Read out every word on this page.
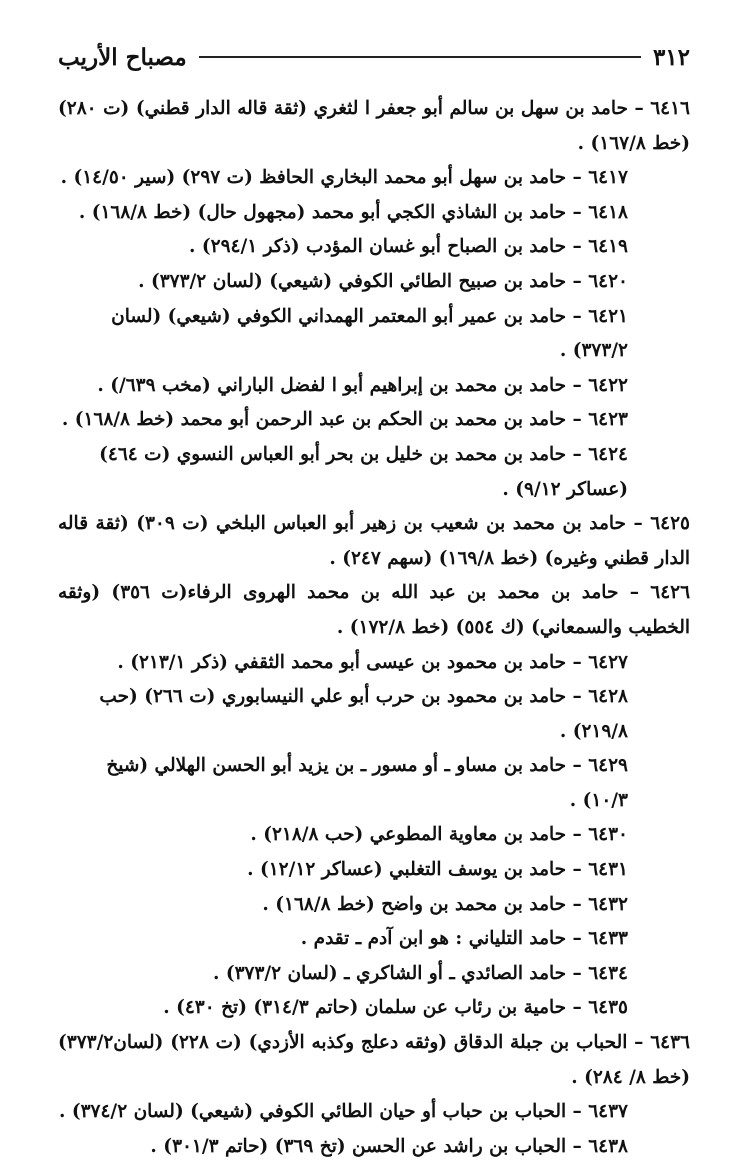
٣١٢
مصباح الأريب
٦٤١٦ – حامد بن سهل بن سالم أبو جعفر ا لثغري (ثقة قاله الدار قطني) (ت ٢٨٠) (خط ١٦٧/٨) .
٦٤١٧ – حامد بن سهل أبو محمد البخاري الحافظ (ت ٢٩٧) (سير ١٤/٥٠) .
٦٤١٨ – حامد بن الشاذي الكجي أبو محمد (مجهول حال) (خط ١٦٨/٨) .
٦٤١٩ – حامد بن الصباح أبو غسان المؤدب (ذكر ٢٩٤/١) .
٦٤٢٠ – حامد بن صبيح الطائي الكوفي (شيعي) (لسان ٣٧٣/٢) .
٦٤٢١ – حامد بن عمير أبو المعتمر الهمداني الكوفي (شيعي) (لسان ٣٧٣/٢) .
٦٤٢٢ – حامد بن محمد بن إبراهيم أبو ا لفضل الباراني (مخب ٦٣٩/) .
٦٤٢٣ – حامد بن محمد بن الحكم بن عبد الرحمن أبو محمد (خط ١٦٨/٨) .
٦٤٢٤ – حامد بن محمد بن خليل بن بحر أبو العباس النسوي (ت ٤٦٤) (عساكر ٩/١٢) .
٦٤٢٥ – حامد بن محمد بن شعيب بن زهير أبو العباس البلخي (ت ٣٠٩) (ثقة قاله الدار قطني وغيره) (خط ١٦٩/٨) (سهم ٢٤٧) .
٦٤٢٦ – حامد بن محمد بن عبد الله بن محمد الهروى الرفاء(ت ٣٥٦) (وثقه الخطيب والسمعاني) (ك ٥٥٤) (خط ١٧٢/٨) .
٦٤٢٧ – حامد بن محمود بن عيسى أبو محمد الثقفي (ذكر ٢١٣/١) .
٦٤٢٨ – حامد بن محمود بن حرب أبو علي النيسابوري (ت ٢٦٦) (حب ٢١٩/٨) .
٦٤٢٩ – حامد بن مساو ـ أو مسور ـ بن يزيد أبو الحسن الهلالي (شيخ ١٠/٣) .
٦٤٣٠ – حامد بن معاوية المطوعي (حب ٢١٨/٨) .
٦٤٣١ – حامد بن يوسف التغلبي (عساكر ١٢/١٢) .
٦٤٣٢ – حامد بن محمد بن واضح (خط ١٦٨/٨) .
٦٤٣٣ – حامد التلياني : هو ابن آدم ـ تقدم .
٦٤٣٤ – حامد الصائدي ـ أو الشاكري ـ (لسان ٣٧٣/٢) .
٦٤٣٥ – حامية بن رئاب عن سلمان (حاتم ٣١٤/٣) (تخ ٤٣٠) .
٦٤٣٦ – الحباب بن جبلة الدقاق (وثقه دعلج وكذبه الأزدي) (ت ٢٢٨) (لسان٣٧٣/٢) (خط ٨/ ٢٨٤) .
٦٤٣٧ – الحباب بن حباب أو حيان الطائي الكوفي (شيعي) (لسان ٣٧٤/٢) .
٦٤٣٨ – الحباب بن راشد عن الحسن (تخ ٣٦٩) (حاتم ٣٠١/٣) .
